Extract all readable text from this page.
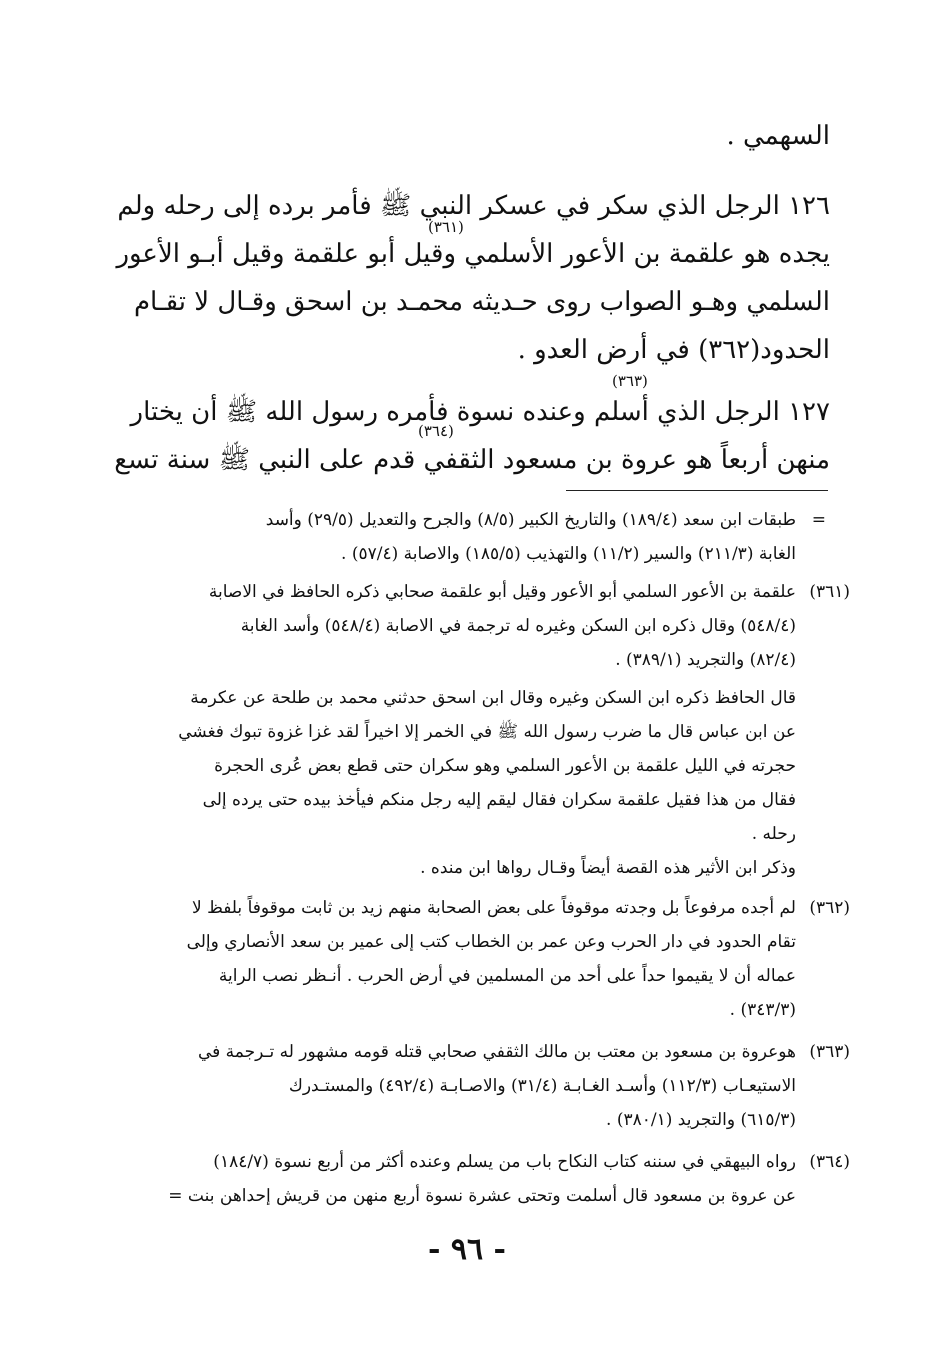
السهمي .
١٢٦ الرجل الذي سكر في عسكر النبي ﷺ فأمر برده إلى رحله ولم
يجده هو علقمة بن الأعور الأسلمي وقيل أبو علقمة وقيل أبـو الأعور
السلمي وهـو الصواب روى حـديثه محمـد بن اسحق وقـال لا تقـام
الحدود(٣٦٢) في أرض العدو .
١٢٧ الرجل الذي أسلم وعنده نسوة فأمره رسول الله ﷺ أن يختار
منهن أربعاً هو عروة بن مسعود الثقفي قدم على النبي ﷺ سنة تسع
(٣٦١)
(٣٦٣)
(٣٦٤)
=
طبقات ابن سعد (١٨٩/٤) والتاريخ الكبير (٨/٥) والجرح والتعديل (٢٩/٥) وأسد
الغابة (٢١١/٣) والسير (١١/٢) والتهذيب (١٨٥/٥) والاصابة (٥٧/٤) .
(٣٦١)
علقمة بن الأعور السلمي أبو الأعور وقيل أبو علقمة صحابي ذكره الحافظ في الاصابة
(٥٤٨/٤) وقال ذكره ابن السكن وغيره له ترجمة في الاصابة (٥٤٨/٤) وأسد الغابة
(٨٢/٤) والتجريد (٣٨٩/١) .
قال الحافظ ذكره ابن السكن وغيره وقال ابن اسحق حدثني محمد بن طلحة عن عكرمة
عن ابن عباس قال ما ضرب رسول الله ﷺ في الخمر إلا اخيراً لقد غزا غزوة تبوك فغشي
حجرته في الليل علقمة بن الأعور السلمي وهو سكران حتى قطع بعض عُرى الحجرة
فقال من هذا فقيل علقمة سكران فقال ليقم إليه رجل منكم فيأخذ بيده حتى يرده إلى
رحله .
وذكر ابن الأثير هذه القصة أيضاً وقـال رواها ابن منده .
(٣٦٢)
لم أجده مرفوعاً بل وجدته موقوفاً على بعض الصحابة منهم زيد بن ثابت موقوفاً بلفظ لا
تقام الحدود في دار الحرب وعن عمر بن الخطاب كتب إلى عمير بن سعد الأنصاري وإلى
عماله أن لا يقيموا حداً على أحد من المسلمين في أرض الحرب . أنـظر نصب الراية
(٣٤٣/٣) .
(٣٦٣)
هوعروة بن مسعود بن معتب بن مالك الثقفي صحابي قتله قومه مشهور له تـرجمة في
الاستيعـاب (١١٢/٣) وأسـد الغـابـة (٣١/٤) والاصـابـة (٤٩٢/٤) والمستـدرك
(٦١٥/٣) والتجريد (٣٨٠/١) .
(٣٦٤)
رواه البيهقي في سننه كتاب النكاح باب من يسلم وعنده أكثر من أربع نسوة (١٨٤/٧)
عن عروة بن مسعود قال أسلمت وتحتى عشرة نسوة أربع منهن من قريش إحداهن بنت =
- ٩٦ -
